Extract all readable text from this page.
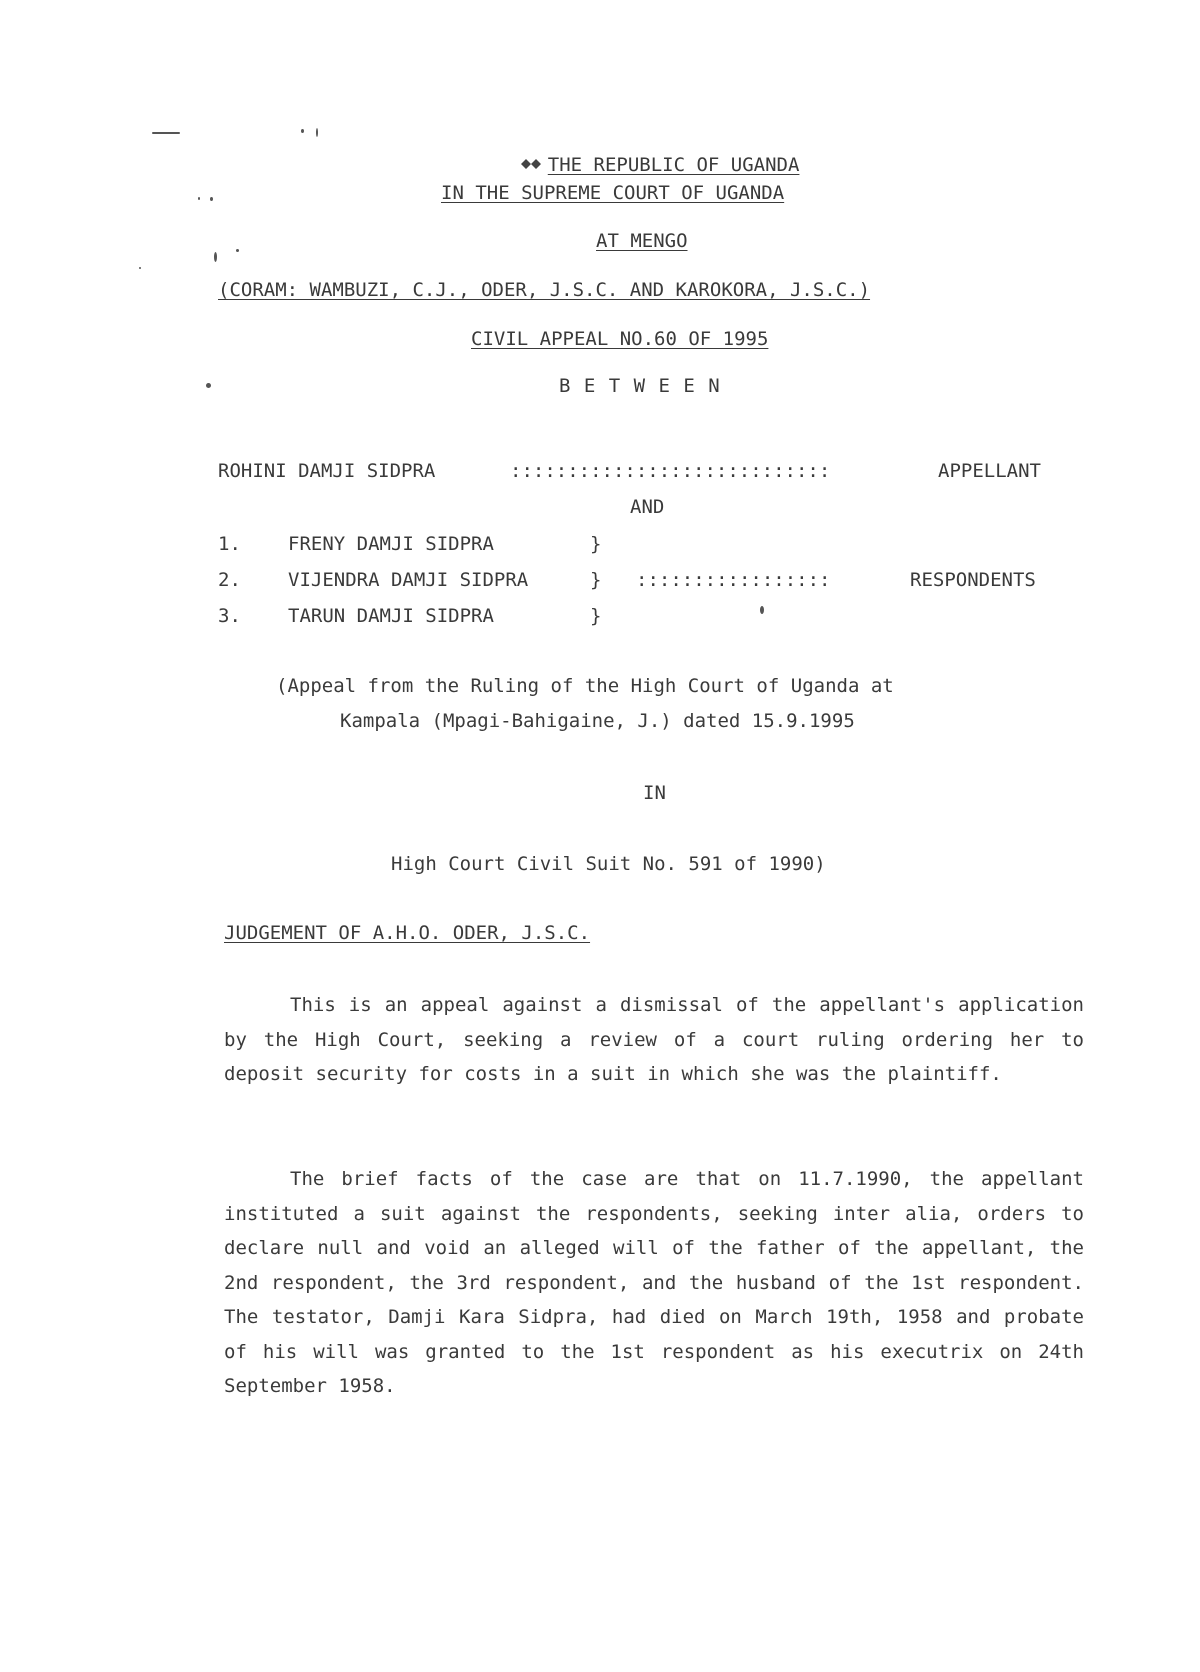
THE REPUBLIC OF UGANDA

IN THE SUPREME COURT OF UGANDA
AT MENGO
(CORAM: WAMBUZI, C.J., ODER, J.S.C. AND KAROKORA, J.S.C.)
CIVIL APPEAL NO.60 OF 1995
B E T W E E N
ROHINI DAMJI SIDPRA	::::::::::::::::::::::::::::	APPELLANT
AND
1. FRENY DAMJI SIDPRA	}
2. VIJENDRA DAMJI SIDPRA	} :::::::::::::::::	RESPONDENTS
3. TARUN DAMJI SIDPRA	}
(Appeal from the Ruling of the High Court of Uganda at
Kampala (Mpagi-Bahigaine, J.) dated 15.9.1995
IN
High Court Civil Suit No. 591 of 1990)
JUDGEMENT OF A.H.O. ODER, J.S.C.
This is an appeal against a dismissal of the appellant's application by the High Court, seeking a review of a court ruling ordering her to deposit security for costs in a suit in which she was the plaintiff.
The brief facts of the case are that on 11.7.1990, the appellant instituted a suit against the respondents, seeking inter alia, orders to declare null and void an alleged will of the father of the appellant, the 2nd respondent, the 3rd respondent, and the husband of the 1st respondent. The testator, Damji Kara Sidpra, had died on March 19th, 1958 and probate of his will was granted to the 1st respondent as his executrix on 24th September 1958.
